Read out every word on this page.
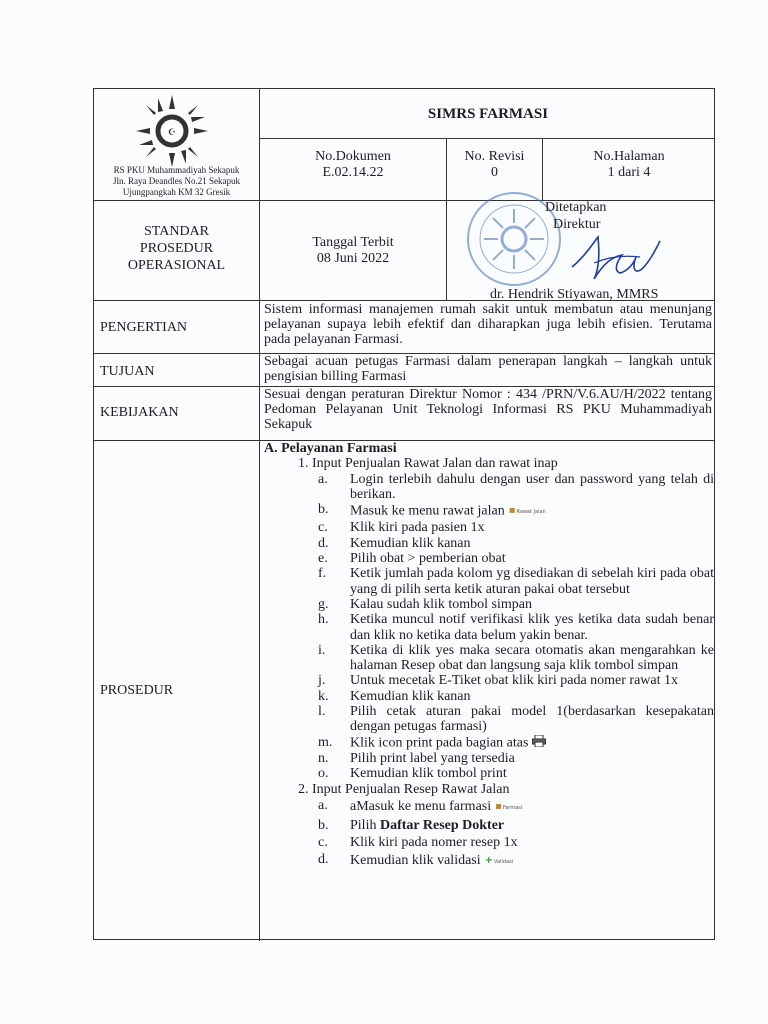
☪
RS PKU Muhammadiyah Sekapuk
Jln. Raya Deandles No.21 Sekapuk
Ujungpangkah KM 32 Gresik
SIMRS FARMASI
No.Dokumen
E.02.14.22
No. Revisi
0
No.Halaman
1 dari 4
STANDAR
PROSEDUR
OPERASIONAL
Tanggal Terbit
08 Juni 2022
Ditetapkan
Direktur
dr. Hendrik Stiyawan, MMRS
PENGERTIAN
Sistem informasi manajemen rumah sakit untuk membatun atau menunjang pelayanan supaya lebih efektif dan diharapkan juga lebih efisien. Terutama pada pelayanan Farmasi.
TUJUAN
Sebagai acuan petugas Farmasi dalam penerapan langkah – langkah untuk pengisian billing Farmasi
KEBIJAKAN
Sesuai dengan peraturan Direktur Nomor : 434 /PRN/V.6.AU/H/2022 tentang Pedoman Pelayanan Unit Teknologi Informasi RS PKU Muhammadiyah Sekapuk
PROSEDUR
A. Pelayanan Farmasi
1. Input Penjualan Rawat Jalan dan rawat inap
a. Login terlebih dahulu dengan user dan password yang telah di berikan.
b. Masuk ke menu rawat jalan ▪Rawat Jalan
c. Klik kiri pada pasien 1x
d. Kemudian klik kanan
e. Pilih obat > pemberian obat
f. Ketik jumlah pada kolom yg disediakan di sebelah kiri pada obat yang di pilih serta ketik aturan pakai obat tersebut
g. Kalau sudah klik tombol simpan
h. Ketika muncul notif verifikasi klik yes ketika data sudah benar dan klik no ketika data belum yakin benar.
i. Ketika di klik yes maka secara otomatis akan mengarahkan ke halaman Resep obat dan langsung saja klik tombol simpan
j. Untuk mecetak E-Tiket obat klik kiri pada nomer rawat 1x
k. Kemudian klik kanan
l. Pilih cetak aturan pakai model 1(berdasarkan kesepakatan dengan petugas farmasi)
m. Klik icon print pada bagian atas
n. Pilih print label yang tersedia
o. Kemudian klik tombol print
2. Input Penjualan Resep Rawat Jalan
a. aMasuk ke menu farmasi ▪Farmasi
b. Pilih Daftar Resep Dokter
c. Klik kiri pada nomer resep 1x
d. Kemudian klik validasi +Validasi
